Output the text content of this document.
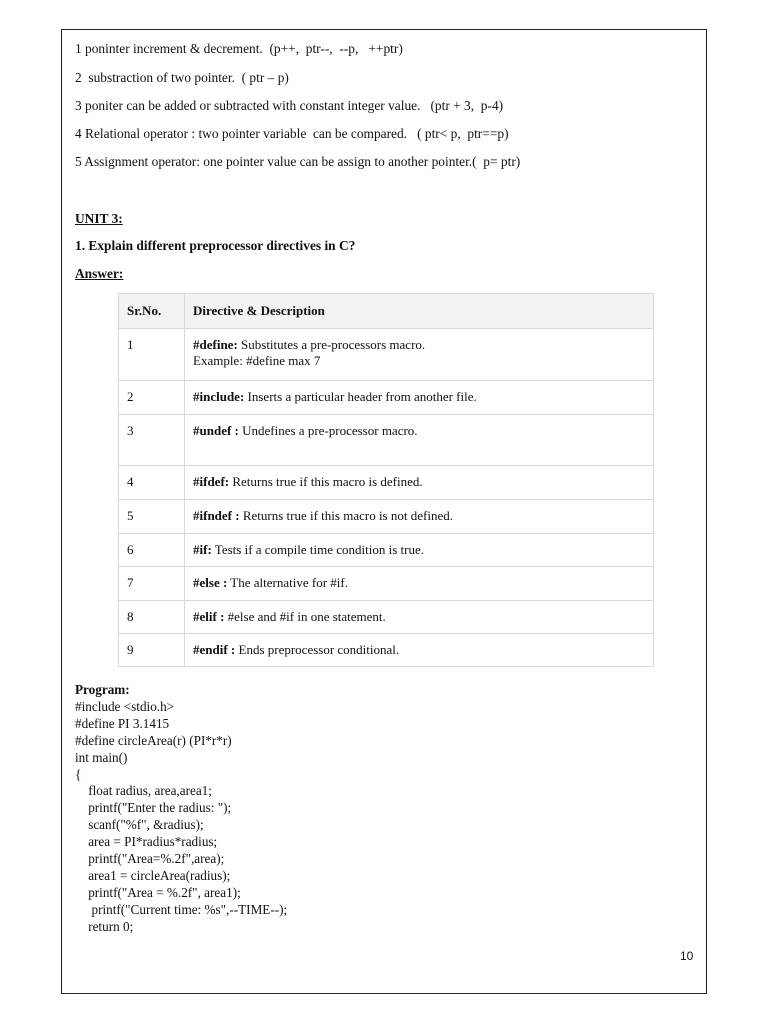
1 poninter increment & decrement.  (p++,  ptr--,  --p,   ++ptr)
2  substraction of two pointer.  ( ptr – p)
3 poniter can be added or subtracted with constant integer value.   (ptr + 3,  p-4)
4 Relational operator : two pointer variable  can be compared.   ( ptr< p,  ptr==p)
5 Assignment operator: one pointer value can be assign to another pointer.(  p= ptr)
UNIT 3:
1. Explain different preprocessor directives in C?
Answer:
Sr.No.	Directive & Description
1	#define: Substitutes a pre-processors macro.
Example: #define max 7
2	#include: Inserts a particular header from another file.
3	#undef : Undefines a pre-processor macro.
4	#ifdef: Returns true if this macro is defined.
5	#ifndef : Returns true if this macro is not defined.
6	#if: Tests if a compile time condition is true.
7	#else : The alternative for #if.
8	#elif : #else and #if in one statement.
9	#endif : Ends preprocessor conditional.
Program:
#include <stdio.h>
#define PI 3.1415
#define circleArea(r) (PI*r*r)
int main()
{
float radius, area,area1;
printf("Enter the radius: ");
scanf("%f", &radius);
area = PI*radius*radius;
printf("Area=%.2f",area);
area1 = circleArea(radius);
printf("Area = %.2f", area1);
printf("Current time: %s",--TIME--);
return 0;
10
